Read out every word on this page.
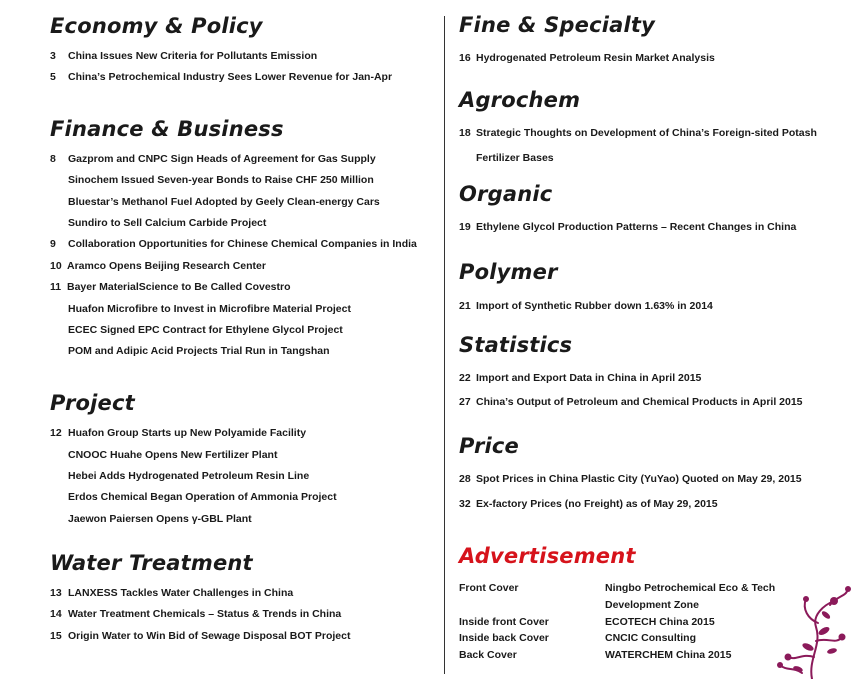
Economy & Policy
3 China Issues New Criteria for Pollutants Emission
5 China’s Petrochemical Industry Sees Lower Revenue for Jan-Apr
Finance & Business
8 Gazprom and CNPC Sign Heads of Agreement for Gas Supply
Sinochem Issued Seven-year Bonds to Raise CHF 250 Million
Bluestar’s Methanol Fuel Adopted by Geely Clean-energy Cars
Sundiro to Sell Calcium Carbide Project
9 Collaboration Opportunities for Chinese Chemical Companies in India
10 Aramco Opens Beijing Research Center
11 Bayer MaterialScience to Be Called Covestro
Huafon Microfibre to Invest in Microfibre Material Project
ECEC Signed EPC Contract for Ethylene Glycol Project
POM and Adipic Acid Projects Trial Run in Tangshan
Project
12 Huafon Group Starts up New Polyamide Facility
CNOOC Huahe Opens New Fertilizer Plant
Hebei Adds Hydrogenated Petroleum Resin Line
Erdos Chemical Began Operation of Ammonia Project
Jaewon Paiersen Opens γ-GBL Plant
Water Treatment
13 LANXESS Tackles Water Challenges in China
14 Water Treatment Chemicals – Status & Trends in China
15 Origin Water to Win Bid of Sewage Disposal BOT Project
Fine & Specialty
16 Hydrogenated Petroleum Resin Market Analysis
Agrochem
18 Strategic Thoughts on Development of China’s Foreign-sited Potash
Fertilizer Bases
Organic
19 Ethylene Glycol Production Patterns – Recent Changes in China
Polymer
21 Import of Synthetic Rubber down 1.63% in 2014
Statistics
22 Import and Export Data in China in April 2015
27 China’s Output of Petroleum and Chemical Products in April 2015
Price
28 Spot Prices in China Plastic City (YuYao) Quoted on May 29, 2015
32 Ex-factory Prices (no Freight) as of May 29, 2015
Advertisement
Front Cover	Ningbo Petrochemical Eco & Tech
Development Zone
Inside front Cover	ECOTECH China 2015
Inside back Cover	CNCIC Consulting
Back Cover	WATERCHEM China 2015
